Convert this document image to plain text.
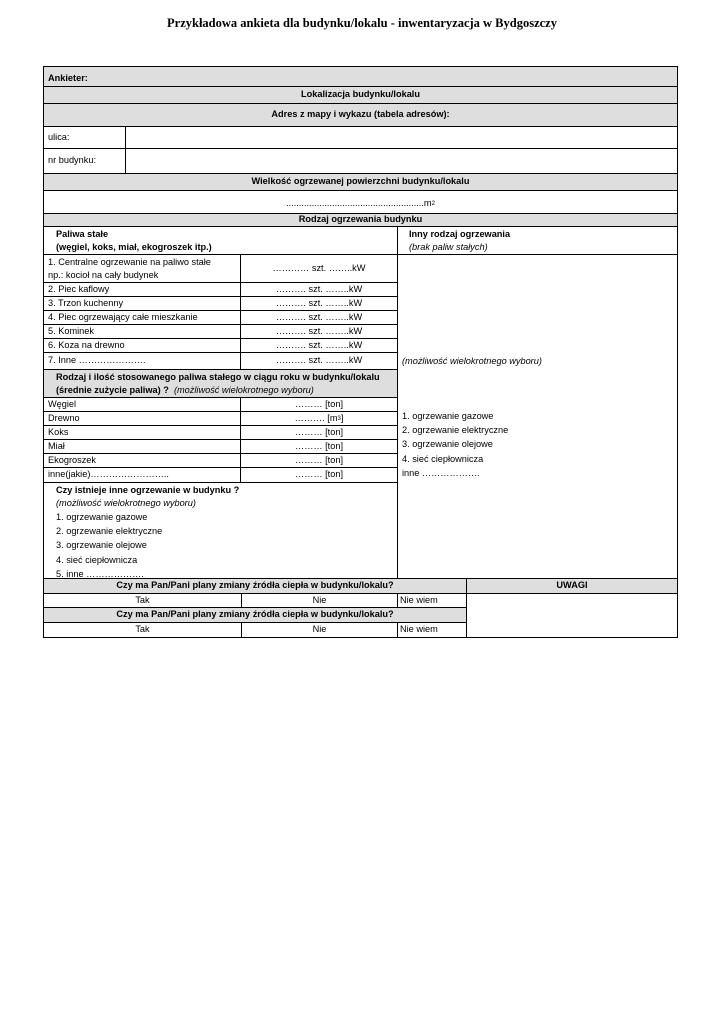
Przykładowa ankieta dla budynku/lokalu - inwentaryzacja w Bydgoszczy
Ankieter:
Lokalizacja budynku/lokalu
Adres z mapy i wykazu (tabela adresów):
ulica:
nr budynku:
Wielkość ogrzewanej powierzchni budynku/lokalu
......................................................m 2
Rodzaj ogrzewania budynku
Paliwa stałe
(węgiel, koks, miał, ekogroszek itp.)
Inny rodzaj ogrzewania
(brak paliw stałych)
1. Centralne ogrzewanie na paliwo stałe
np.: kocioł na cały budynek
………… szt. ……..kW
2. Piec kaflowy	………. szt. ……..kW
3. Trzon kuchenny	………. szt. ……..kW
4. Piec ogrzewający całe mieszkanie	………. szt. ……..kW
5. Kominek	………. szt. ……..kW
6. Koza na drewno	………. szt. ……..kW
7. Inne ………………….	………. szt. ……..kW
Rodzaj i ilość stosowanego paliwa stałego w ciągu roku w budynku/lokalu
(średnie zużycie paliwa) ? (możliwość wielokrotnego wyboru)
Węgiel	……… [ton]
Drewno	………. [m 3 ]
Koks	……… [ton]
Miał	……… [ton]
Ekogroszek	……… [ton]
inne(jakie)……………………..	……… [ton]
Czy istnieje inne ogrzewanie w budynku ?
(możliwość wielokrotnego wyboru)
1. ogrzewanie gazowe
2. ogrzewanie elektryczne
3. ogrzewanie olejowe
4. sieć ciepłownicza
5. inne ……………….
(możliwość wielokrotnego wyboru)
1. ogrzewanie gazowe
2. ogrzewanie elektryczne
3. ogrzewanie olejowe
4. sieć ciepłownicza
inne ……………….
Czy ma Pan/Pani plany zmiany źródła ciepła w budynku/lokalu?	UWAGI
Tak	Nie	Nie wiem
Czy ma Pan/Pani plany zmiany źródła ciepła w budynku/lokalu?
Tak	Nie	Nie wiem
